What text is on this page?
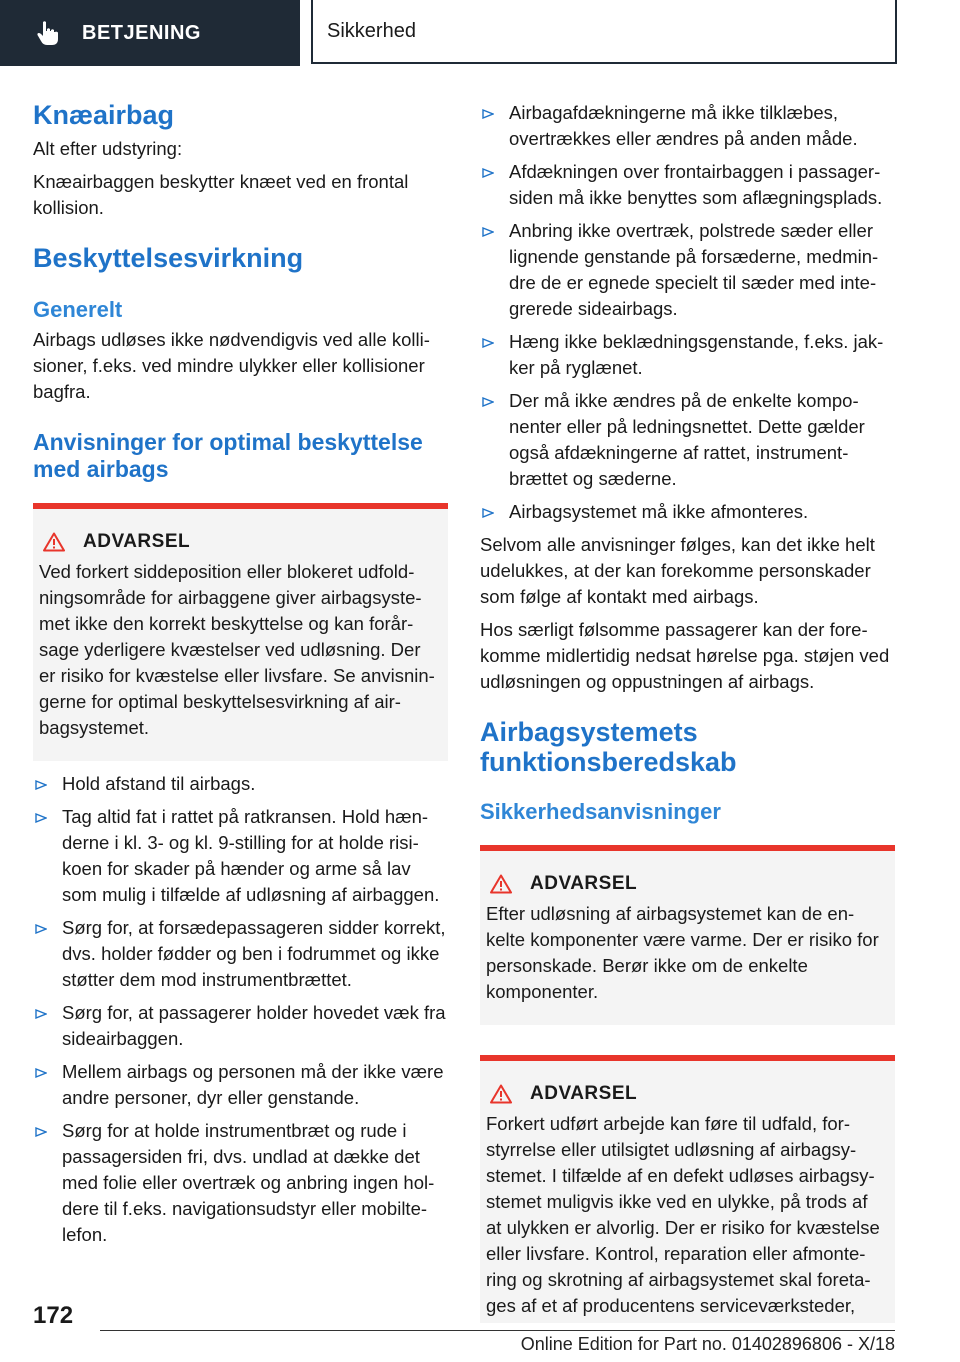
BETJENING	Sikkerhed
Knæairbag

Alt efter udstyring:

Knæairbaggen beskytter knæet ved en frontal kollision.

Beskyttelsesvirkning
Generelt

Airbags udløses ikke nødvendigvis ved alle kollisioner, f.eks. ved mindre ulykker eller kollisioner bagfra.

Anvisninger for optimal beskyttelse med airbags
ADVARSEL

Ved forkert siddeposition eller blokeret udfoldningsområde for airbaggene giver airbagsystemet ikke den korrekt beskyttelse og kan forårsage yderligere kvæstelser ved udløsning. Der er risiko for kvæstelse eller livsfare. Se anvisningerne for optimal beskyttelsesvirkning af airbagsystemet.

Hold afstand til airbags.
Tag altid fat i rattet på ratkransen. Hold hænderne i kl. 3- og kl. 9-stilling for at holde risikoen for skader på hænder og arme så lav som mulig i tilfælde af udløsning af airbaggen.
Sørg for, at forsædepassageren sidder korrekt, dvs. holder fødder og ben i fodrummet og ikke støtter dem mod instrumentbrættet.
Sørg for, at passagerer holder hovedet væk fra sideairbaggen.
Mellem airbags og personen må der ikke være andre personer, dyr eller genstande.
Sørg for at holde instrumentbræt og rude i passagersiden fri, dvs. undlad at dække det med folie eller overtræk og anbring ingen holdere til f.eks. navigationsudstyr eller mobiltelefon.
Airbagafdækningerne må ikke tilklæbes, overtrækkes eller ændres på anden måde.
Afdækningen over frontairbaggen i passagersiden må ikke benyttes som aflægningsplads.
Anbring ikke overtræk, polstrede sæder eller lignende genstande på forsæderne, medmindre de er egnede specielt til sæder med integrerede sideairbags.
Hæng ikke beklædningsgenstande, f.eks. jakker på ryglænet.
Der må ikke ændres på de enkelte komponenter eller på ledningsnettet. Dette gælder også afdækningerne af rattet, instrumentbrættet og sæderne.
Airbagsystemet må ikke afmonteres.

Selvom alle anvisninger følges, kan det ikke helt udelukkes, at der kan forekomme personskader som følge af kontakt med airbags.

Hos særligt følsomme passagerer kan der forekomme midlertidig nedsat hørelse pga. støjen ved udløsningen og oppustningen af airbags.

Airbagsystemets funktionsberedskab
Sikkerhedsanvisninger
ADVARSEL

Efter udløsning af airbagsystemet kan de enkelte komponenter være varme. Der er risiko for personskade. Berør ikke om de enkelte komponenter.

ADVARSEL

Forkert udført arbejde kan føre til udfald, forstyrrelse eller utilsigtet udløsning af airbagsystemet. I tilfælde af en defekt udløses airbagsystemet muligvis ikke ved en ulykke, på trods af at ulykken er alvorlig. Der er risiko for kvæstelse eller livsfare. Kontrol, reparation eller afmontering og skrotning af airbagsystemet skal foretages af et af producentens serviceværksteder,

172
Online Edition for Part no. 01402896806 - X/18
